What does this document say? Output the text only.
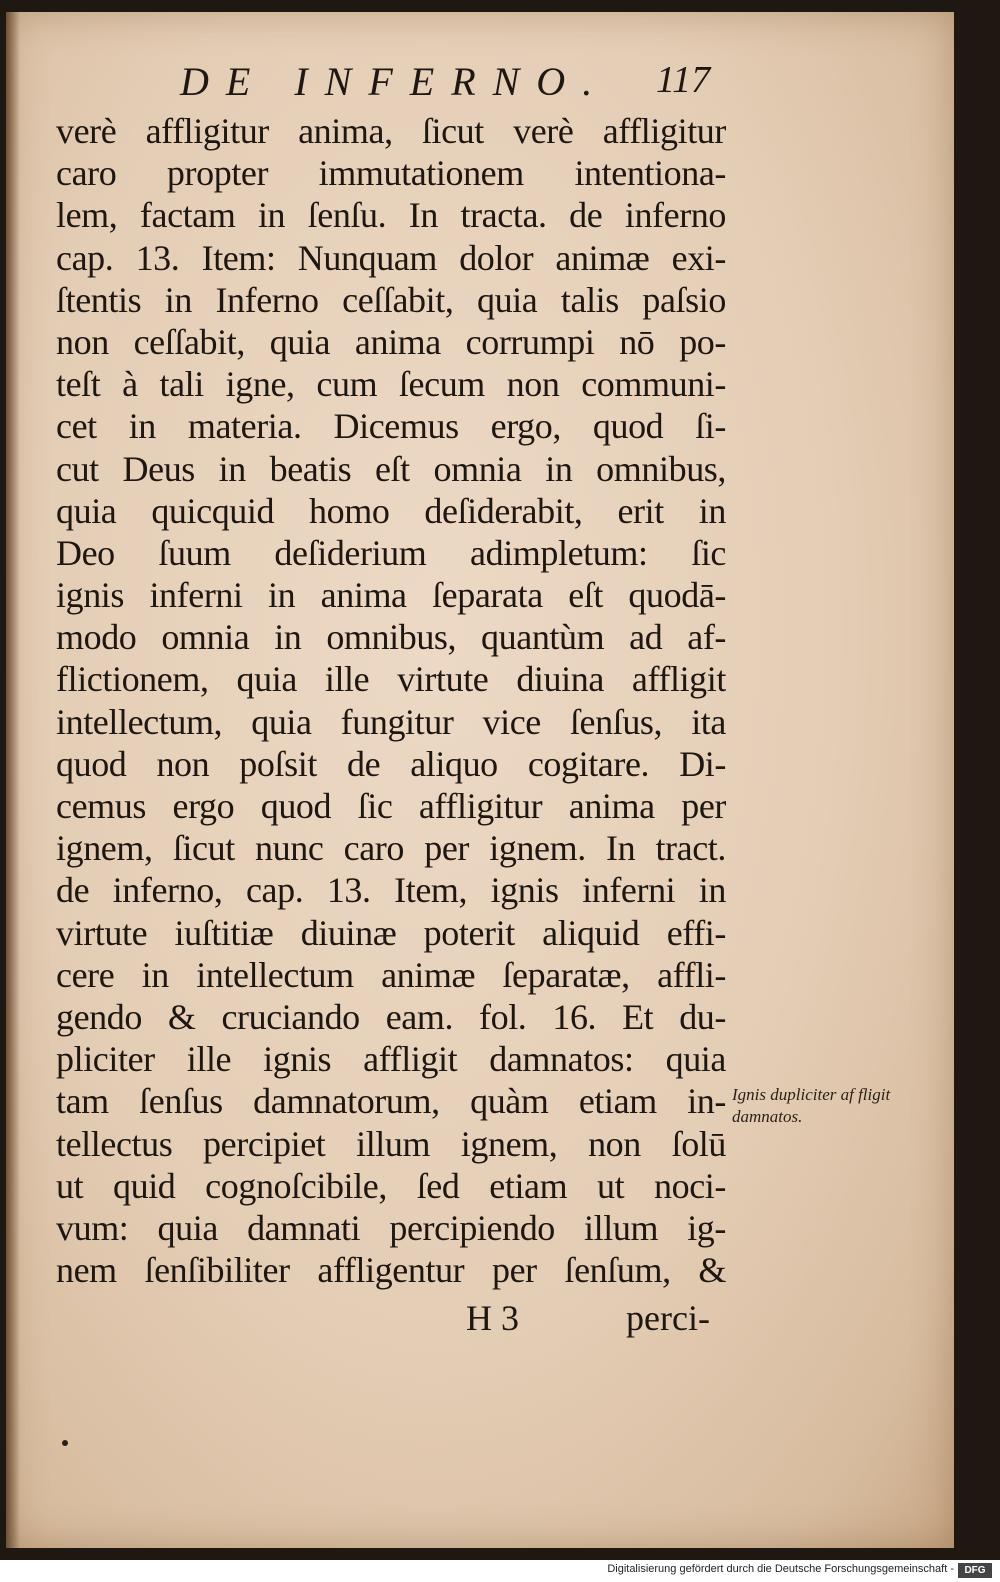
DE INFERNO. 117
verè affligitur anima, ſicut verè affligitur
caro propter immutationem intentiona-
lem, factam in ſenſu. In tracta. de inferno
cap. 13. Item: Nunquam dolor animæ exi-
ſtentis in Inferno ceſſabit, quia talis paſsio
non ceſſabit, quia anima corrumpi nō po-
teſt à tali igne, cum ſecum non communi-
cet in materia. Dicemus ergo, quod ſi-
cut Deus in beatis eſt omnia in omnibus,
quia quicquid homo deſiderabit, erit in
Deo ſuum deſiderium adimpletum: ſic
ignis inferni in anima ſeparata eſt quodā-
modo omnia in omnibus, quantùm ad af-
flictionem, quia ille virtute diuina affligit
intellectum, quia fungitur vice ſenſus, ita
quod non poſsit de aliquo cogitare. Di-
cemus ergo quod ſic affligitur anima per
ignem, ſicut nunc caro per ignem. In tract.
de inferno, cap. 13. Item, ignis inferni in
virtute iuſtitiæ diuinæ poterit aliquid effi-
cere in intellectum animæ ſeparatæ, affli-
gendo & cruciando eam. fol. 16. Et du-
pliciter ille ignis affligit damnatos: quia
tam ſenſus damnatorum, quàm etiam in-
tellectus percipiet illum ignem, non ſolū
ut quid cognoſcibile, ſed etiam ut noci-
vum: quia damnati percipiendo illum ig-
nem ſenſibiliter affligentur per ſenſum, &
Ignis dupliciter af fligit damnatos.
H 3	perci-
Digitalisierung gefördert durch die Deutsche Forschungsgemeinschaft -	DFG
